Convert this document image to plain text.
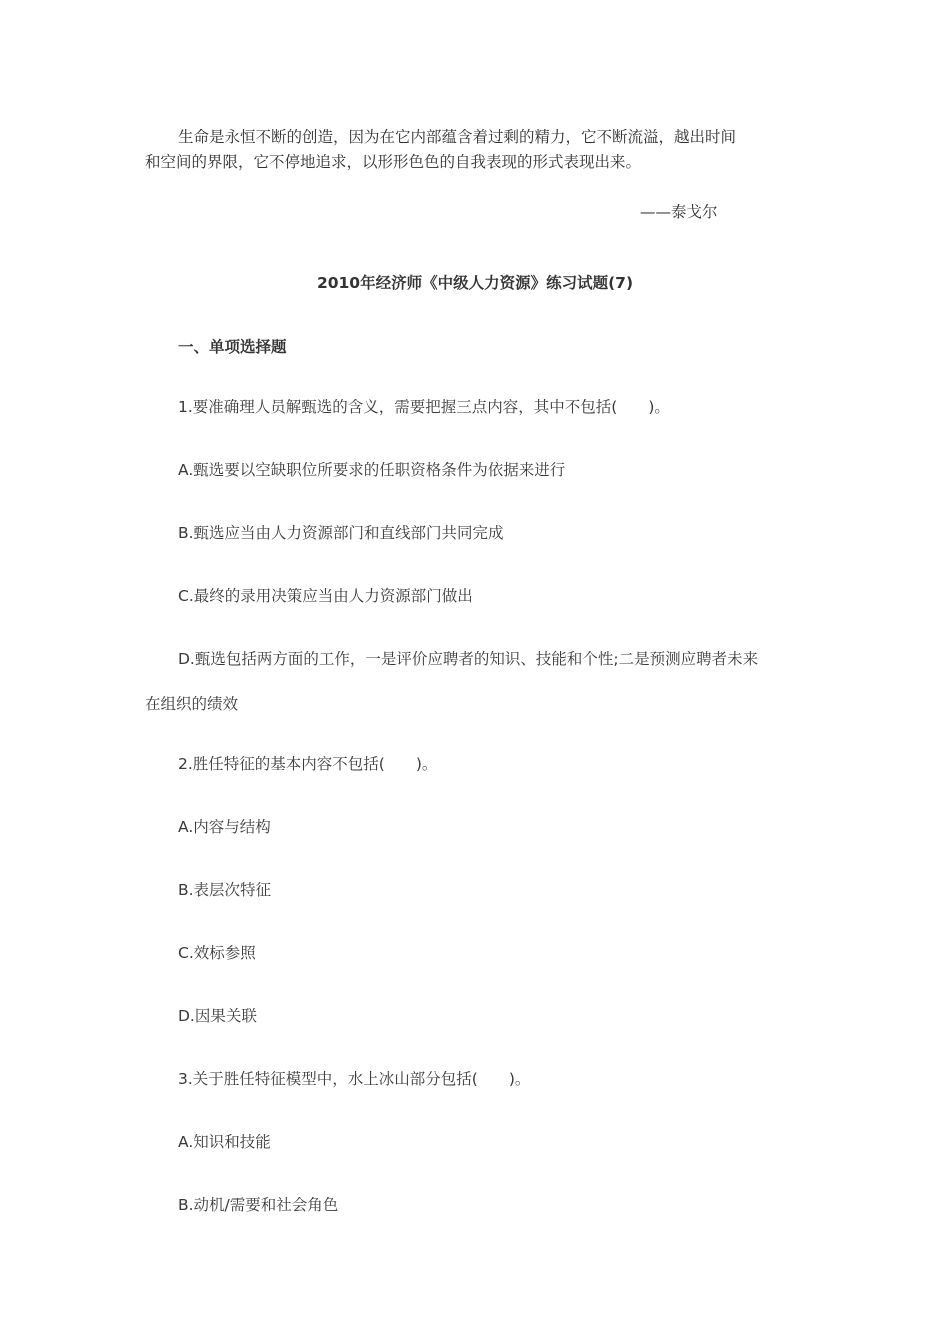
生命是永恒不断的创造，因为在它内部蕴含着过剩的精力，它不断流溢，越出时间
和空间的界限，它不停地追求，以形形色色的自我表现的形式表现出来。
——泰戈尔
2010年经济师《中级人力资源》练习试题(7)
一、单项选择题
1.要准确理人员解甄选的含义，需要把握三点内容，其中不包括(　　)。
A.甄选要以空缺职位所要求的任职资格条件为依据来进行
B.甄选应当由人力资源部门和直线部门共同完成
C.最终的录用决策应当由人力资源部门做出
D.甄选包括两方面的工作，一是评价应聘者的知识、技能和个性;二是预测应聘者未来
在组织的绩效
2.胜任特征的基本内容不包括(　　)。
A.内容与结构
B.表层次特征
C.效标参照
D.因果关联
3.关于胜任特征模型中，水上冰山部分包括(　　)。
A.知识和技能
B.动机/需要和社会角色
